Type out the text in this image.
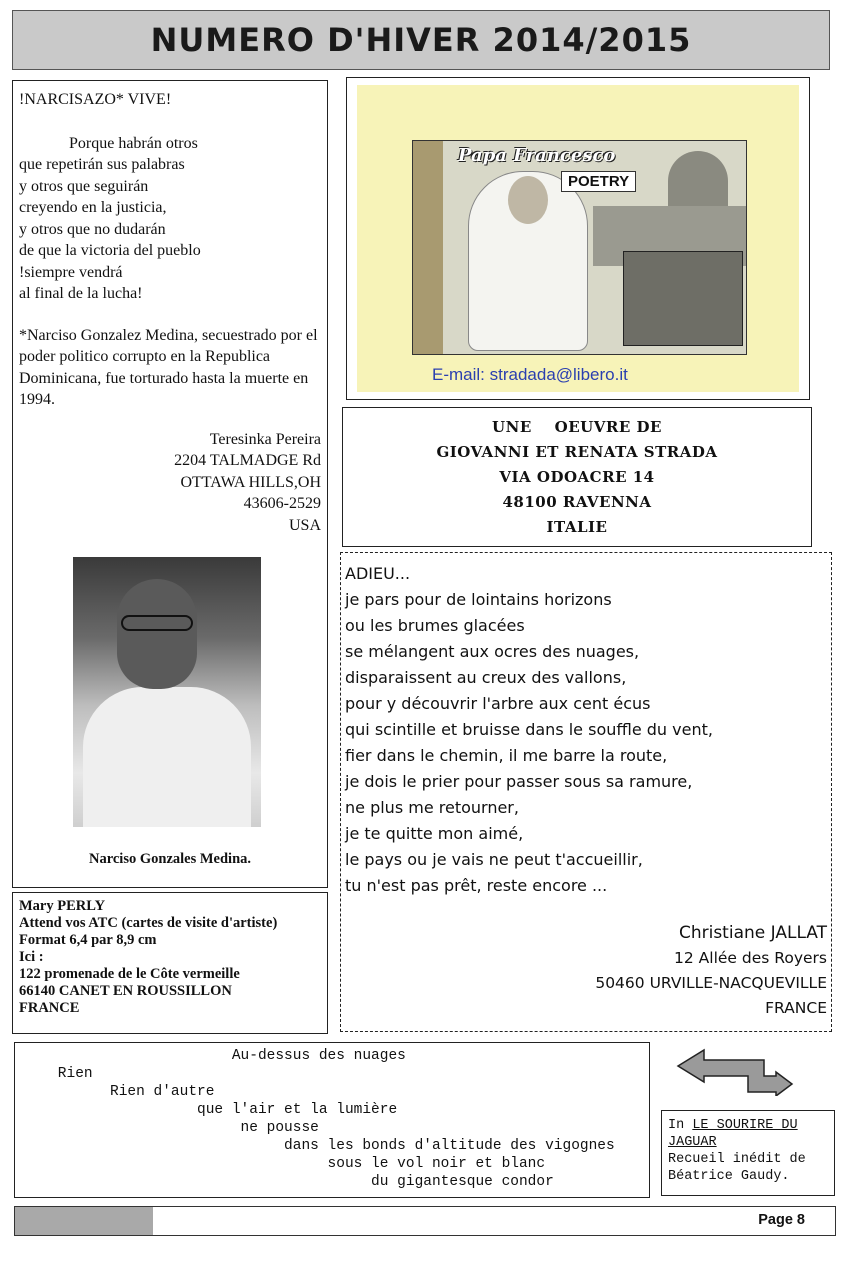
NUMERO D'HIVER 2014/2015
!NARCISAZO* VIVE!
Porque habrán otros
que repetirán sus palabras
y otros que seguirán
creyendo en la justicia,
y otros que no dudarán
de que la victoria del pueblo
!siempre vendrá
al final de la lucha!
*Narciso Gonzalez Medina, secuestrado por el poder politico corrupto en la Republica Dominicana, fue torturado hasta la muerte en 1994.
Teresinka Pereira
2204 TALMADGE Rd
OTTAWA HILLS,OH
43606-2529
USA
Narciso Gonzales Medina.
Mary PERLY
Attend vos ATC (cartes de visite d'artiste)
Format 6,4 par 8,9 cm
Ici :
122 promenade de le Côte vermeille
66140 CANET EN ROUSSILLON
FRANCE
Papa Francesco
POETRY
E-mail: stradada@libero.it
UNE    OEUVRE DE
GIOVANNI ET RENATA STRADA
VIA ODOACRE 14
48100 RAVENNA
ITALIE
ADIEU...
je pars pour de lointains horizons
ou les brumes glacées
se mélangent aux ocres des nuages,
disparaissent au creux des vallons,
pour y découvrir l'arbre aux cent écus
qui scintille et bruisse dans le souffle du vent,
fier dans le chemin, il me barre la route,
je dois le prier pour passer sous sa ramure,
ne plus me retourner,
je te quitte mon aimé,
le pays ou je vais ne peut t'accueillir,
tu n'est pas prêt, reste encore ...
Christiane JALLAT
12 Allée des Royers
50460 URVILLE-NACQUEVILLE
FRANCE
Au-dessus des nuages
Rien
Rien d'autre
que l'air et la lumière
ne pousse
dans les bonds d'altitude des vigognes
sous le vol noir et blanc
du gigantesque condor
In LE SOURIRE DU JAGUAR
Recueil inédit de
Béatrice Gaudy.
Page 8
